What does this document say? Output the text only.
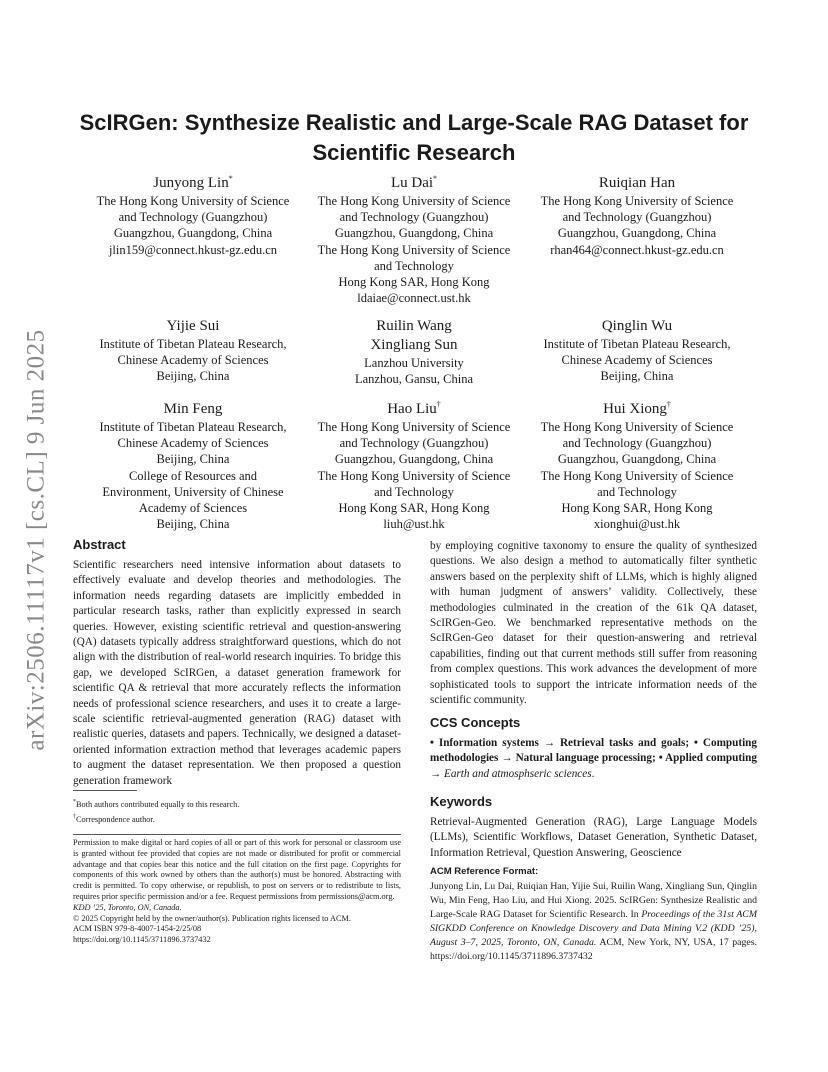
arXiv:2506.11117v1 [cs.CL] 9 Jun 2025
ScIRGen: Synthesize Realistic and Large-Scale RAG Dataset for Scientific Research
Junyong Lin*
The Hong Kong University of Science
and Technology (Guangzhou)
Guangzhou, Guangdong, China
jlin159@connect.hkust-gz.edu.cn
Lu Dai*
The Hong Kong University of Science
and Technology (Guangzhou)
Guangzhou, Guangdong, China
The Hong Kong University of Science
and Technology
Hong Kong SAR, Hong Kong
ldaiae@connect.ust.hk
Ruiqian Han
The Hong Kong University of Science
and Technology (Guangzhou)
Guangzhou, Guangdong, China
rhan464@connect.hkust-gz.edu.cn
Yijie Sui
Institute of Tibetan Plateau Research,
Chinese Academy of Sciences
Beijing, China
Ruilin Wang
Xingliang Sun
Lanzhou University
Lanzhou, Gansu, China
Qinglin Wu
Institute of Tibetan Plateau Research,
Chinese Academy of Sciences
Beijing, China
Min Feng
Institute of Tibetan Plateau Research,
Chinese Academy of Sciences
Beijing, China
College of Resources and
Environment, University of Chinese
Academy of Sciences
Beijing, China
Hao Liu†
The Hong Kong University of Science
and Technology (Guangzhou)
Guangzhou, Guangdong, China
The Hong Kong University of Science
and Technology
Hong Kong SAR, Hong Kong
liuh@ust.hk
Hui Xiong†
The Hong Kong University of Science
and Technology (Guangzhou)
Guangzhou, Guangdong, China
The Hong Kong University of Science
and Technology
Hong Kong SAR, Hong Kong
xionghui@ust.hk
Abstract

Scientific researchers need intensive information about datasets to effectively evaluate and develop theories and methodologies. The information needs regarding datasets are implicitly embedded in particular research tasks, rather than explicitly expressed in search queries. However, existing scientific retrieval and question-answering (QA) datasets typically address straightforward questions, which do not align with the distribution of real-world research inquiries. To bridge this gap, we developed ScIRGen, a dataset generation framework for scientific QA & retrieval that more accurately reflects the information needs of professional science researchers, and uses it to create a large-scale scientific retrieval-augmented generation (RAG) dataset with realistic queries, datasets and papers. Technically, we designed a dataset-oriented information extraction method that leverages academic papers to augment the dataset representation. We then proposed a question generation framework

*Both authors contributed equally to this research.
†Correspondence author.
Permission to make digital or hard copies of all or part of this work for personal or classroom use is granted without fee provided that copies are not made or distributed for profit or commercial advantage and that copies bear this notice and the full citation on the first page. Copyrights for components of this work owned by others than the author(s) must be honored. Abstracting with credit is permitted. To copy otherwise, or republish, to post on servers or to redistribute to lists, requires prior specific permission and/or a fee. Request permissions from permissions@acm.org.
KDD ’25, Toronto, ON, Canada.
© 2025 Copyright held by the owner/author(s). Publication rights licensed to ACM.
ACM ISBN 979-8-4007-1454-2/25/08
https://doi.org/10.1145/3711896.3737432

by employing cognitive taxonomy to ensure the quality of synthesized questions. We also design a method to automatically filter synthetic answers based on the perplexity shift of LLMs, which is highly aligned with human judgment of answers’ validity. Collectively, these methodologies culminated in the creation of the 61k QA dataset, ScIRGen-Geo. We benchmarked representative methods on the ScIRGen-Geo dataset for their question-answering and retrieval capabilities, finding out that current methods still suffer from reasoning from complex questions. This work advances the development of more sophisticated tools to support the intricate information needs of the scientific community.

CCS Concepts

• Information systems → Retrieval tasks and goals; • Computing methodologies → Natural language processing; • Applied computing → Earth and atmosphseric sciences.

Keywords

Retrieval-Augmented Generation (RAG), Large Language Models (LLMs), Scientific Workflows, Dataset Generation, Synthetic Dataset, Information Retrieval, Question Answering, Geoscience

ACM Reference Format:

Junyong Lin, Lu Dai, Ruiqian Han, Yijie Sui, Ruilin Wang, Xingliang Sun, Qinglin Wu, Min Feng, Hao Liu, and Hui Xiong. 2025. ScIRGen: Synthesize Realistic and Large-Scale RAG Dataset for Scientific Research. In Proceedings of the 31st ACM SIGKDD Conference on Knowledge Discovery and Data Mining V.2 (KDD ’25), August 3–7, 2025, Toronto, ON, Canada. ACM, New York, NY, USA, 17 pages. https://doi.org/10.1145/3711896.3737432
